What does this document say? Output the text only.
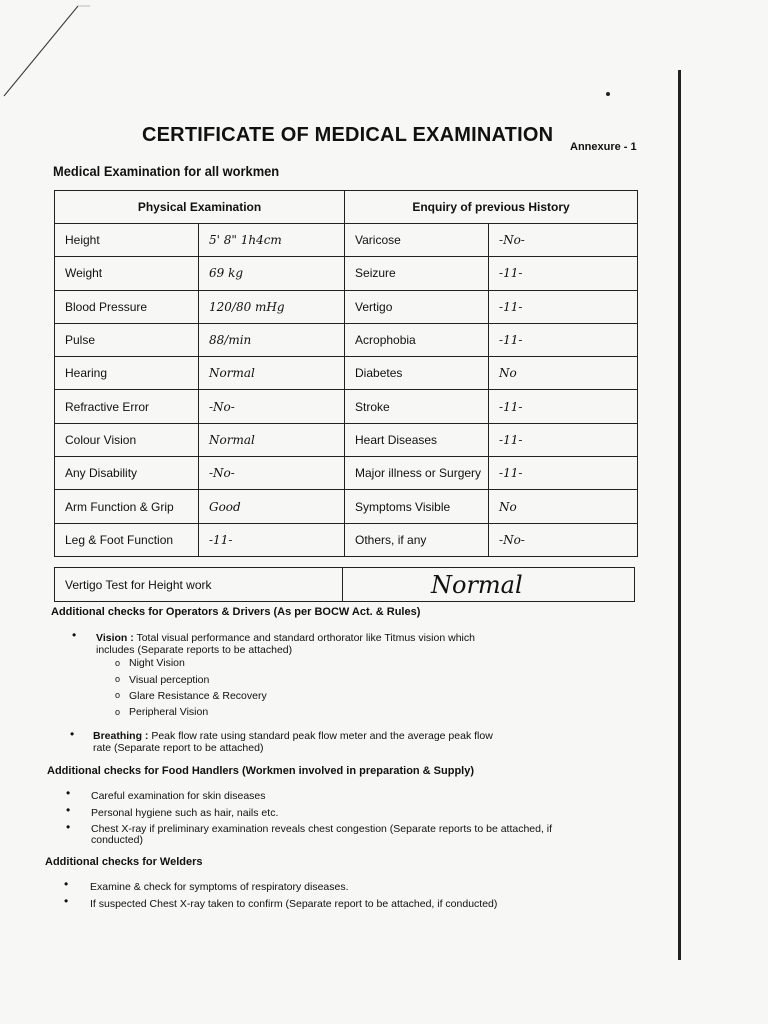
CERTIFICATE OF MEDICAL EXAMINATION
Annexure - 1
Medical Examination for all workmen
Physical Examination		Enquiry of previous History	
Height	5' 8" 1h4cm	Varicose	-No-
Weight	69 kg	Seizure	-11-
Blood Pressure	120/80 mHg	Vertigo	-11-
Pulse	88/min	Acrophobia	-11-
Hearing	Normal	Diabetes	No
Refractive Error	-No-	Stroke	-11-
Colour Vision	Normal	Heart Diseases	-11-
Any Disability	-No-	Major illness or Surgery	-11-
Arm Function & Grip	Good	Symptoms Visible	No
Leg & Foot Function	-11-	Others, if any	-No-
Vertigo Test for Height work	Normal
Additional checks for Operators & Drivers (As per BOCW Act. & Rules)
• Vision : Total visual performance and standard orthorator like Titmus vision which
includes (Separate reports to be attached)
o Night Vision
o Visual perception
o Glare Resistance & Recovery
o Peripheral Vision
• Breathing : Peak flow rate using standard peak flow meter and the average peak flow
rate (Separate report to be attached)
Additional checks for Food Handlers (Workmen involved in preparation & Supply)
• Careful examination for skin diseases
• Personal hygiene such as hair, nails etc.
• Chest X-ray if preliminary examination reveals chest congestion (Separate reports to be attached, if
conducted)
Additional checks for Welders
• Examine & check for symptoms of respiratory diseases.
• If suspected Chest X-ray taken to confirm (Separate report to be attached, if conducted)
